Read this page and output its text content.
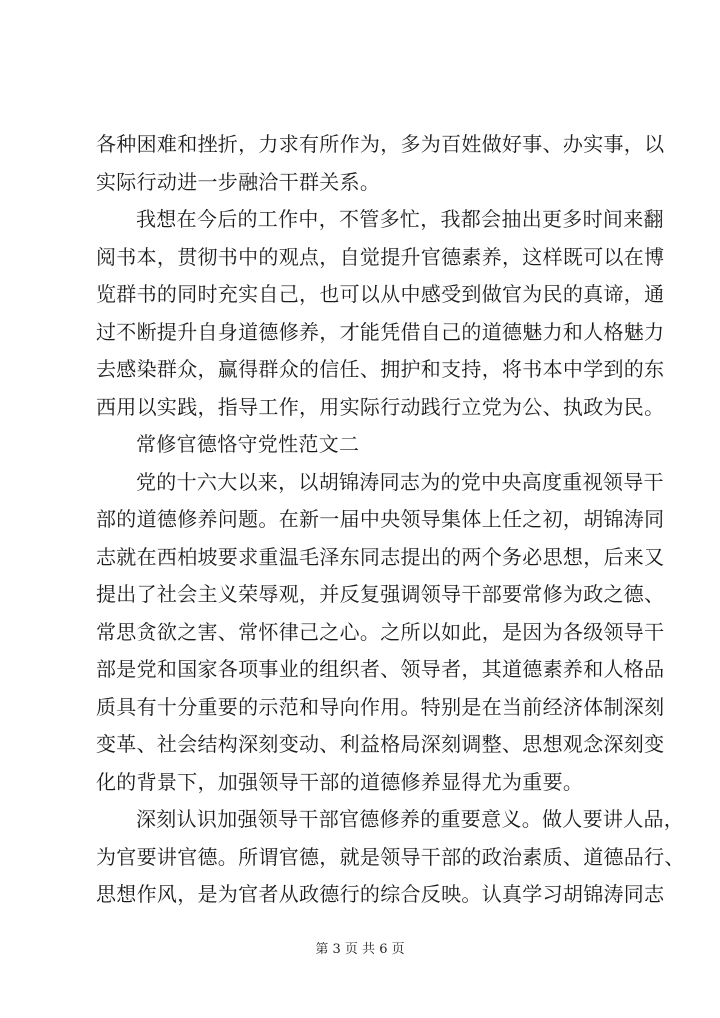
各种困难和挫折，力求有所作为，多为百姓做好事、办实事，以
实际行动进一步融洽干群关系。
我想在今后的工作中，不管多忙，我都会抽出更多时间来翻
阅书本，贯彻书中的观点，自觉提升官德素养，这样既可以在博
览群书的同时充实自己，也可以从中感受到做官为民的真谛，通
过不断提升自身道德修养，才能凭借自己的道德魅力和人格魅力
去感染群众，赢得群众的信任、拥护和支持，将书本中学到的东
西用以实践，指导工作，用实际行动践行立党为公、执政为民。
常修官德恪守党性范文二
党的十六大以来，以胡锦涛同志为的党中央高度重视领导干
部的道德修养问题。在新一届中央领导集体上任之初，胡锦涛同
志就在西柏坡要求重温毛泽东同志提出的两个务必思想，后来又
提出了社会主义荣辱观，并反复强调领导干部要常修为政之德、
常思贪欲之害、常怀律己之心。之所以如此，是因为各级领导干
部是党和国家各项事业的组织者、领导者，其道德素养和人格品
质具有十分重要的示范和导向作用。特别是在当前经济体制深刻
变革、社会结构深刻变动、利益格局深刻调整、思想观念深刻变
化的背景下，加强领导干部的道德修养显得尤为重要。
深刻认识加强领导干部官德修养的重要意义。做人要讲人品，
为官要讲官德。所谓官德，就是领导干部的政治素质、道德品行、
思想作风，是为官者从政德行的综合反映。认真学习胡锦涛同志
第 3 页 共 6 页
